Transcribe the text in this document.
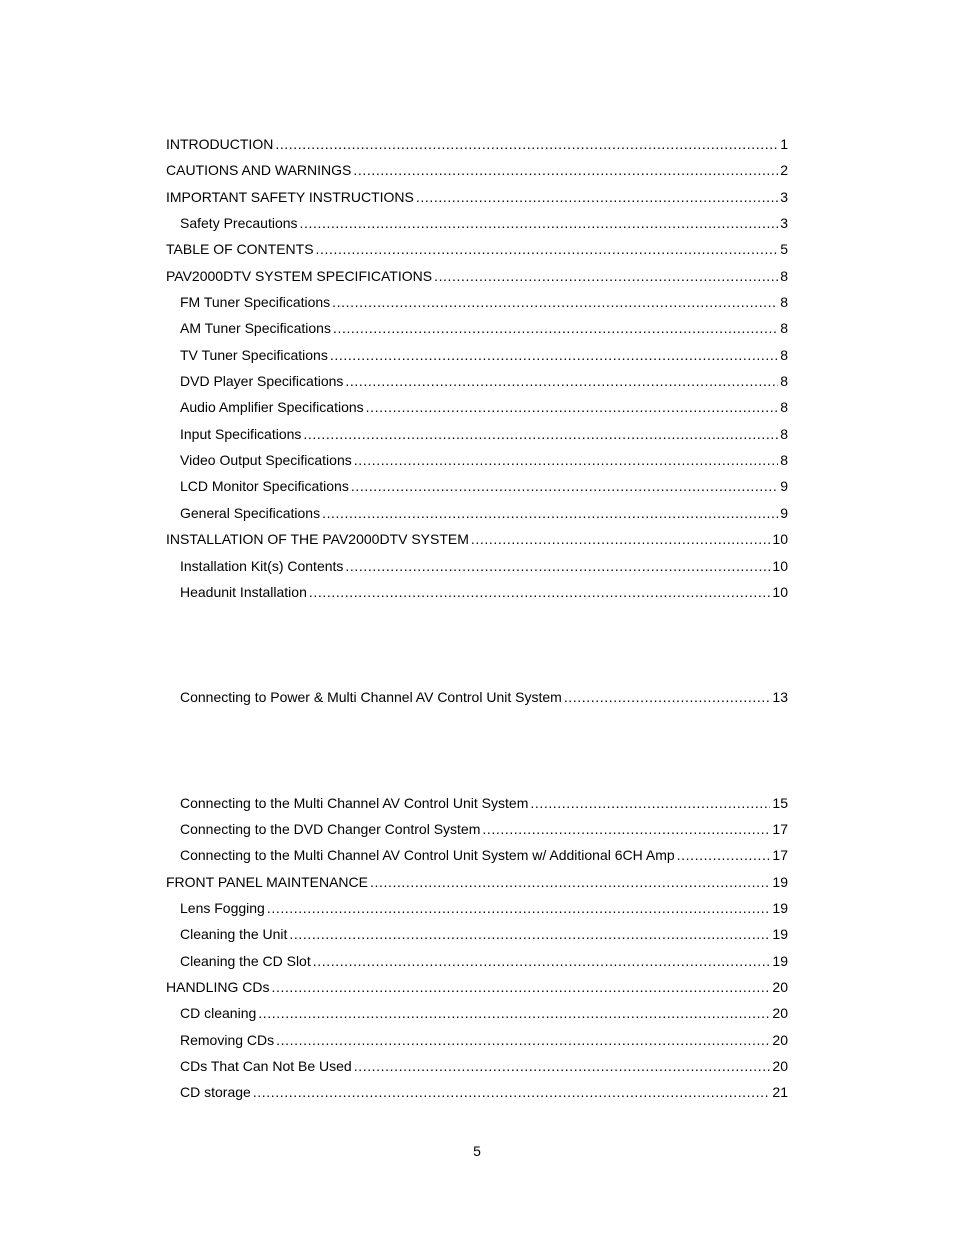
INTRODUCTION .....	1
CAUTIONS AND WARNINGS .....	2
IMPORTANT SAFETY INSTRUCTIONS .....	3
Safety Precautions .....	3
TABLE OF CONTENTS .....	5
PAV2000DTV SYSTEM SPECIFICATIONS .....	8
FM Tuner Specifications .....	8
AM Tuner Specifications .....	8
TV Tuner Specifications .....	8
DVD Player Specifications .....	8
Audio Amplifier Specifications .....	8
Input Specifications .....	8
Video Output Specifications .....	8
LCD Monitor Specifications .....	9
General Specifications .....	9
INSTALLATION OF THE PAV2000DTV SYSTEM .....	10
Installation Kit(s) Contents .....	10
Headunit Installation .....	10
Connecting to Power & Multi Channel AV Control Unit System .....	13
Connecting to the Multi Channel AV Control Unit System .....	15
Connecting to the DVD Changer Control System .....	17
Connecting to the Multi Channel AV Control Unit System w/ Additional 6CH Amp .....	17
FRONT PANEL MAINTENANCE .....	19
Lens Fogging .....	19
Cleaning the Unit .....	19
Cleaning the CD Slot .....	19
HANDLING CDs .....	20
CD cleaning .....	20
Removing CDs .....	20
CDs That Can Not Be Used .....	20
CD storage .....	21
5
